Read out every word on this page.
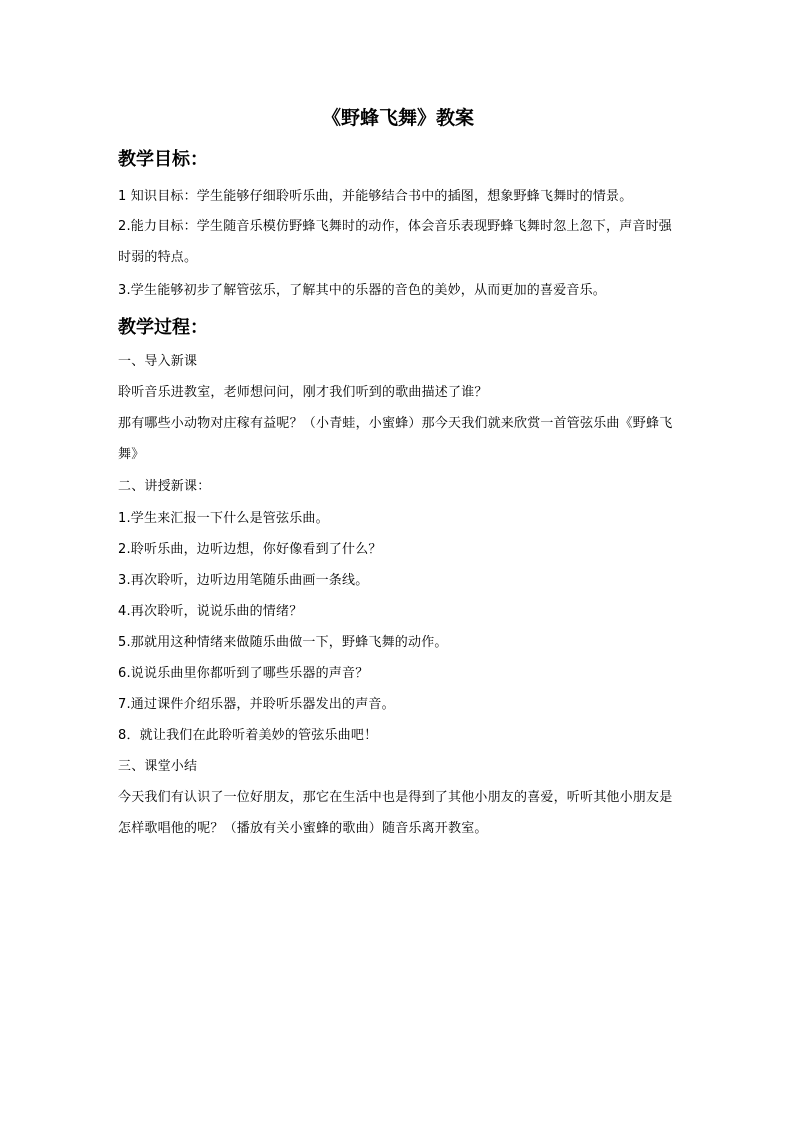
《野蜂飞舞》教案
教学目标：
1 知识目标：学生能够仔细聆听乐曲，并能够结合书中的插图，想象野蜂飞舞时的情景。
2.能力目标：学生随音乐模仿野蜂飞舞时的动作，体会音乐表现野蜂飞舞时忽上忽下，声音时强时弱的特点。
3.学生能够初步了解管弦乐，了解其中的乐器的音色的美妙，从而更加的喜爱音乐。
教学过程：
一、导入新课
聆听音乐进教室，老师想问问，刚才我们听到的歌曲描述了谁？
那有哪些小动物对庄稼有益呢？（小青蛙，小蜜蜂）那今天我们就来欣赏一首管弦乐曲《野蜂飞舞》
二、讲授新课：
1.学生来汇报一下什么是管弦乐曲。
2.聆听乐曲，边听边想，你好像看到了什么？
3.再次聆听，边听边用笔随乐曲画一条线。
4.再次聆听，说说乐曲的情绪？
5.那就用这种情绪来做随乐曲做一下，野蜂飞舞的动作。
6.说说乐曲里你都听到了哪些乐器的声音？
7.通过课件介绍乐器，并聆听乐器发出的声音。
8．就让我们在此聆听着美妙的管弦乐曲吧！
三、课堂小结
今天我们有认识了一位好朋友，那它在生活中也是得到了其他小朋友的喜爱，听听其他小朋友是怎样歌唱他的呢？（播放有关小蜜蜂的歌曲）随音乐离开教室。
